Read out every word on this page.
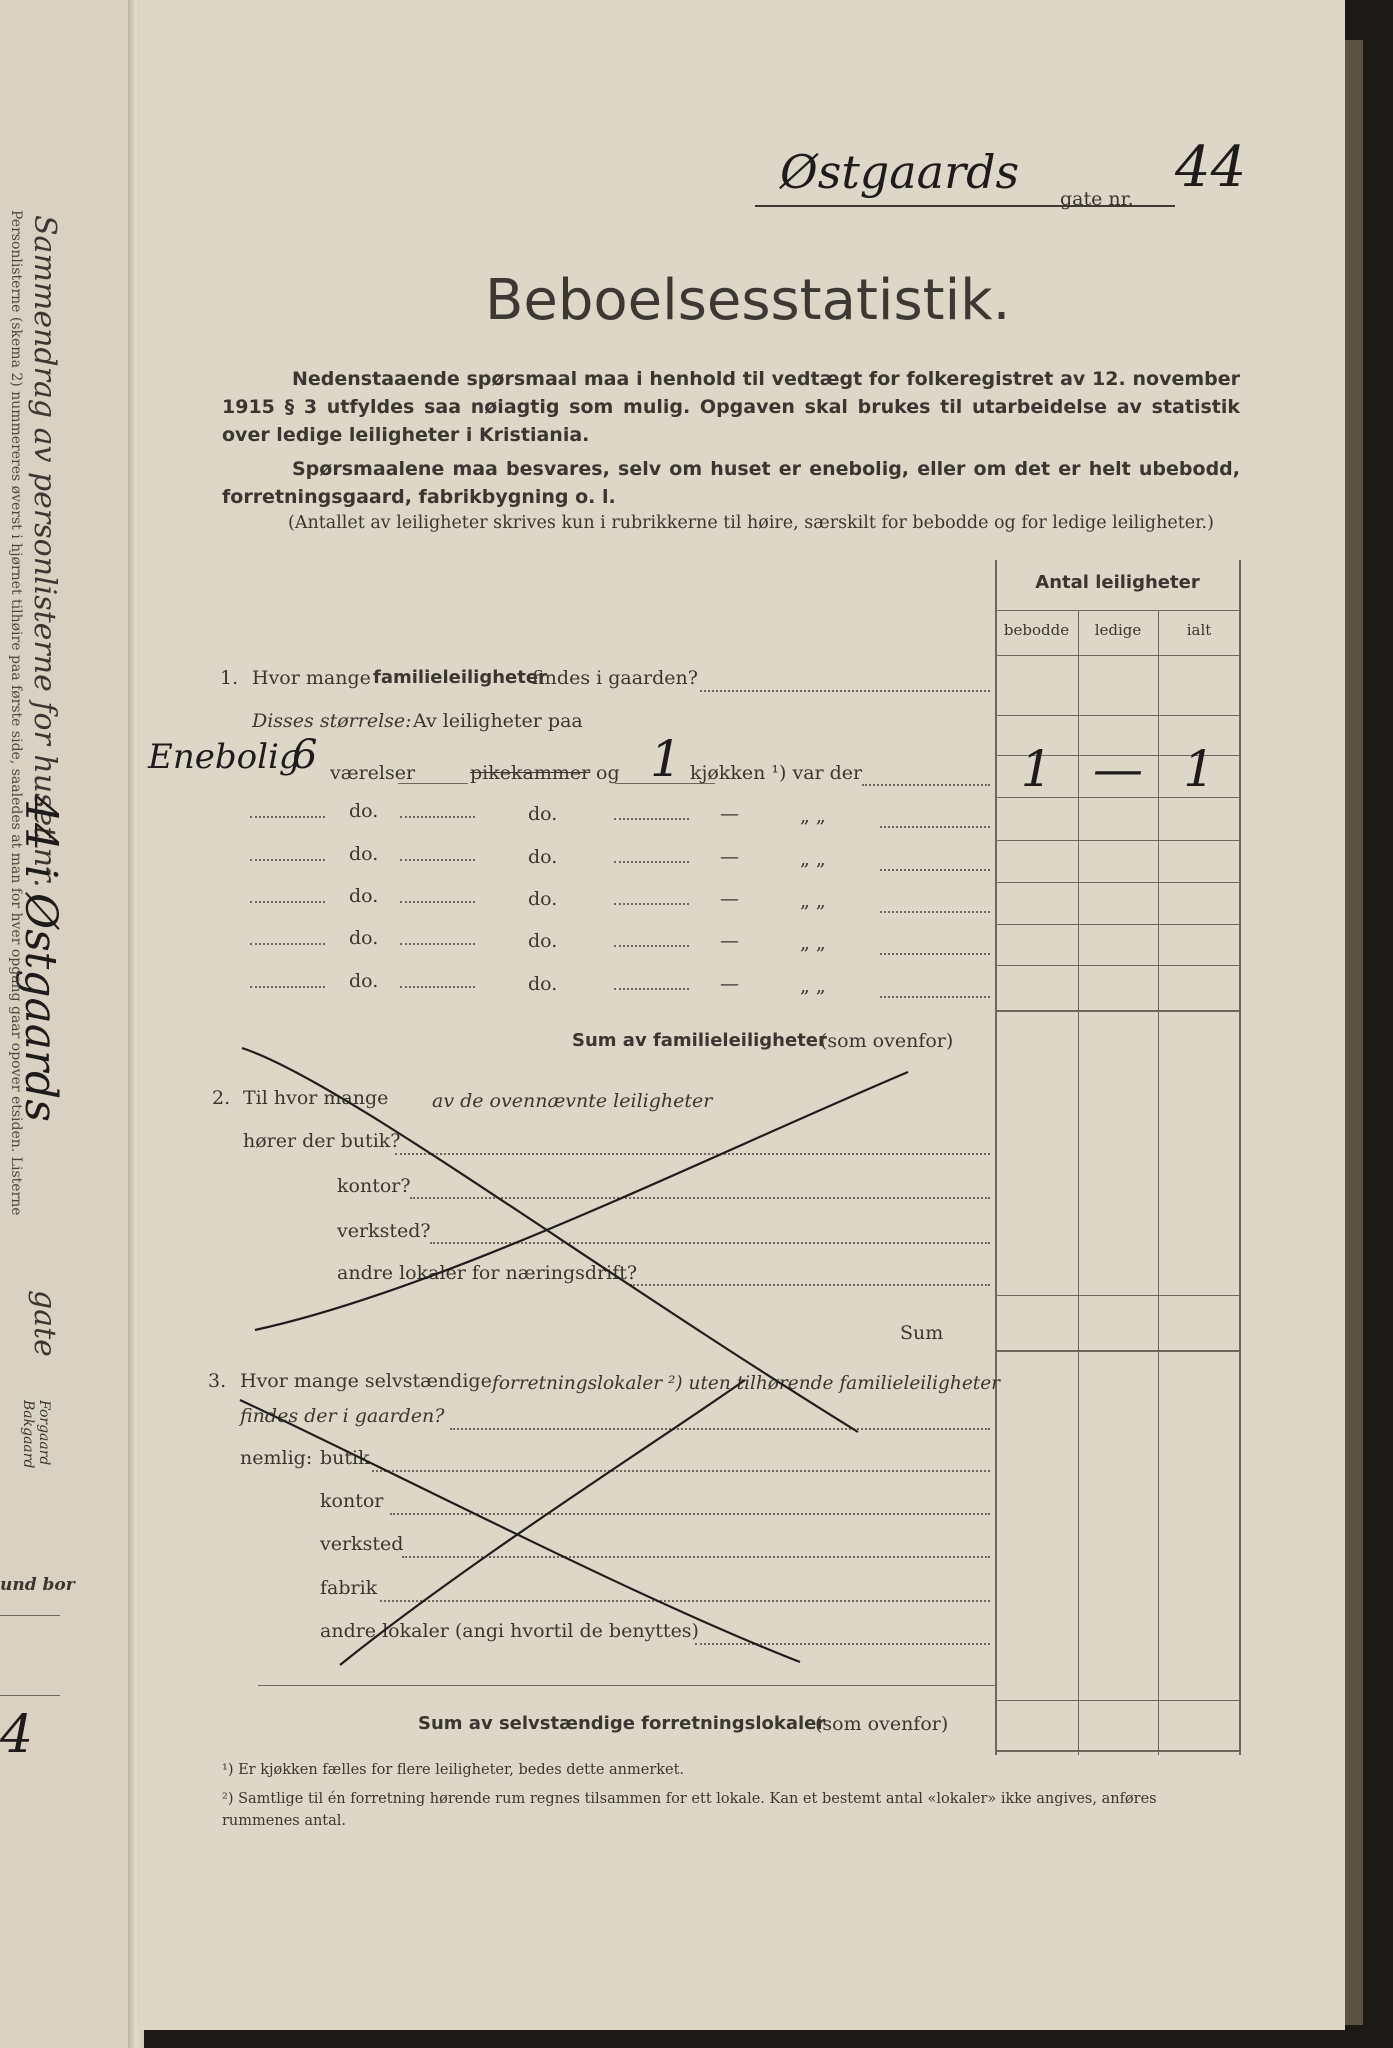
Sammendrag av personlisterne for huset nr.
44 i Østgaards
gate
Personlisterne (skema 2) nummereres øverst i hjørnet tilhøire paa første side, saaledes at man for hver opgang gaar opover etsiden. Listerne
Forgaard
Bakgaard
und bor
4
Østgaards gate nr. 44
Beboelsesstatistik.
Nedenstaaende spørsmaal maa i henhold til vedtægt for folkeregistret av 12. november 1915 § 3 utfyldes saa nøiagtig som mulig. Opgaven skal brukes til utarbeidelse av statistik over ledige leiligheter i Kristiania.
Spørsmaalene maa besvares, selv om huset er enebolig, eller om det er helt ubebodd, forretningsgaard, fabrikbygning o. l.
(Antallet av leiligheter skrives kun i rubrikkerne til høire, særskilt for bebodde og for ledige leiligheter.)
Antal leiligheter
bebodde	ledige	ialt
1 — 1
1. Hvor mange familieleiligheter
findes i gaarden?
Disses størrelse: Av leiligheter paa
Enebolig
6 værelser	pikekammer og 1 kjøkken ¹) var der
do.	do.	—	„ „
do.	do.	—	„ „
do.	do.	—	„ „
do.	do.	—	„ „
do.	do.	—	„ „
Sum av familieleiligheter
(som ovenfor)
2. Til hvor mange av de ovennævnte leiligheter
hører der butik?
kontor?
verksted?
andre lokaler for næringsdrift?
Sum
3. Hvor mange selvstændige forretningslokaler ²) uten tilhørende familieleiligheter
findes der i gaarden?
nemlig: butik
kontor
verksted
fabrik
andre lokaler (angi hvortil de benyttes)
Sum av selvstændige forretningslokaler
(som ovenfor)
¹) Er kjøkken fælles for flere leiligheter, bedes dette anmerket.
²) Samtlige til én forretning hørende rum regnes tilsammen for ett lokale. Kan et bestemt antal «lokaler» ikke angives, anføres rummenes antal.
